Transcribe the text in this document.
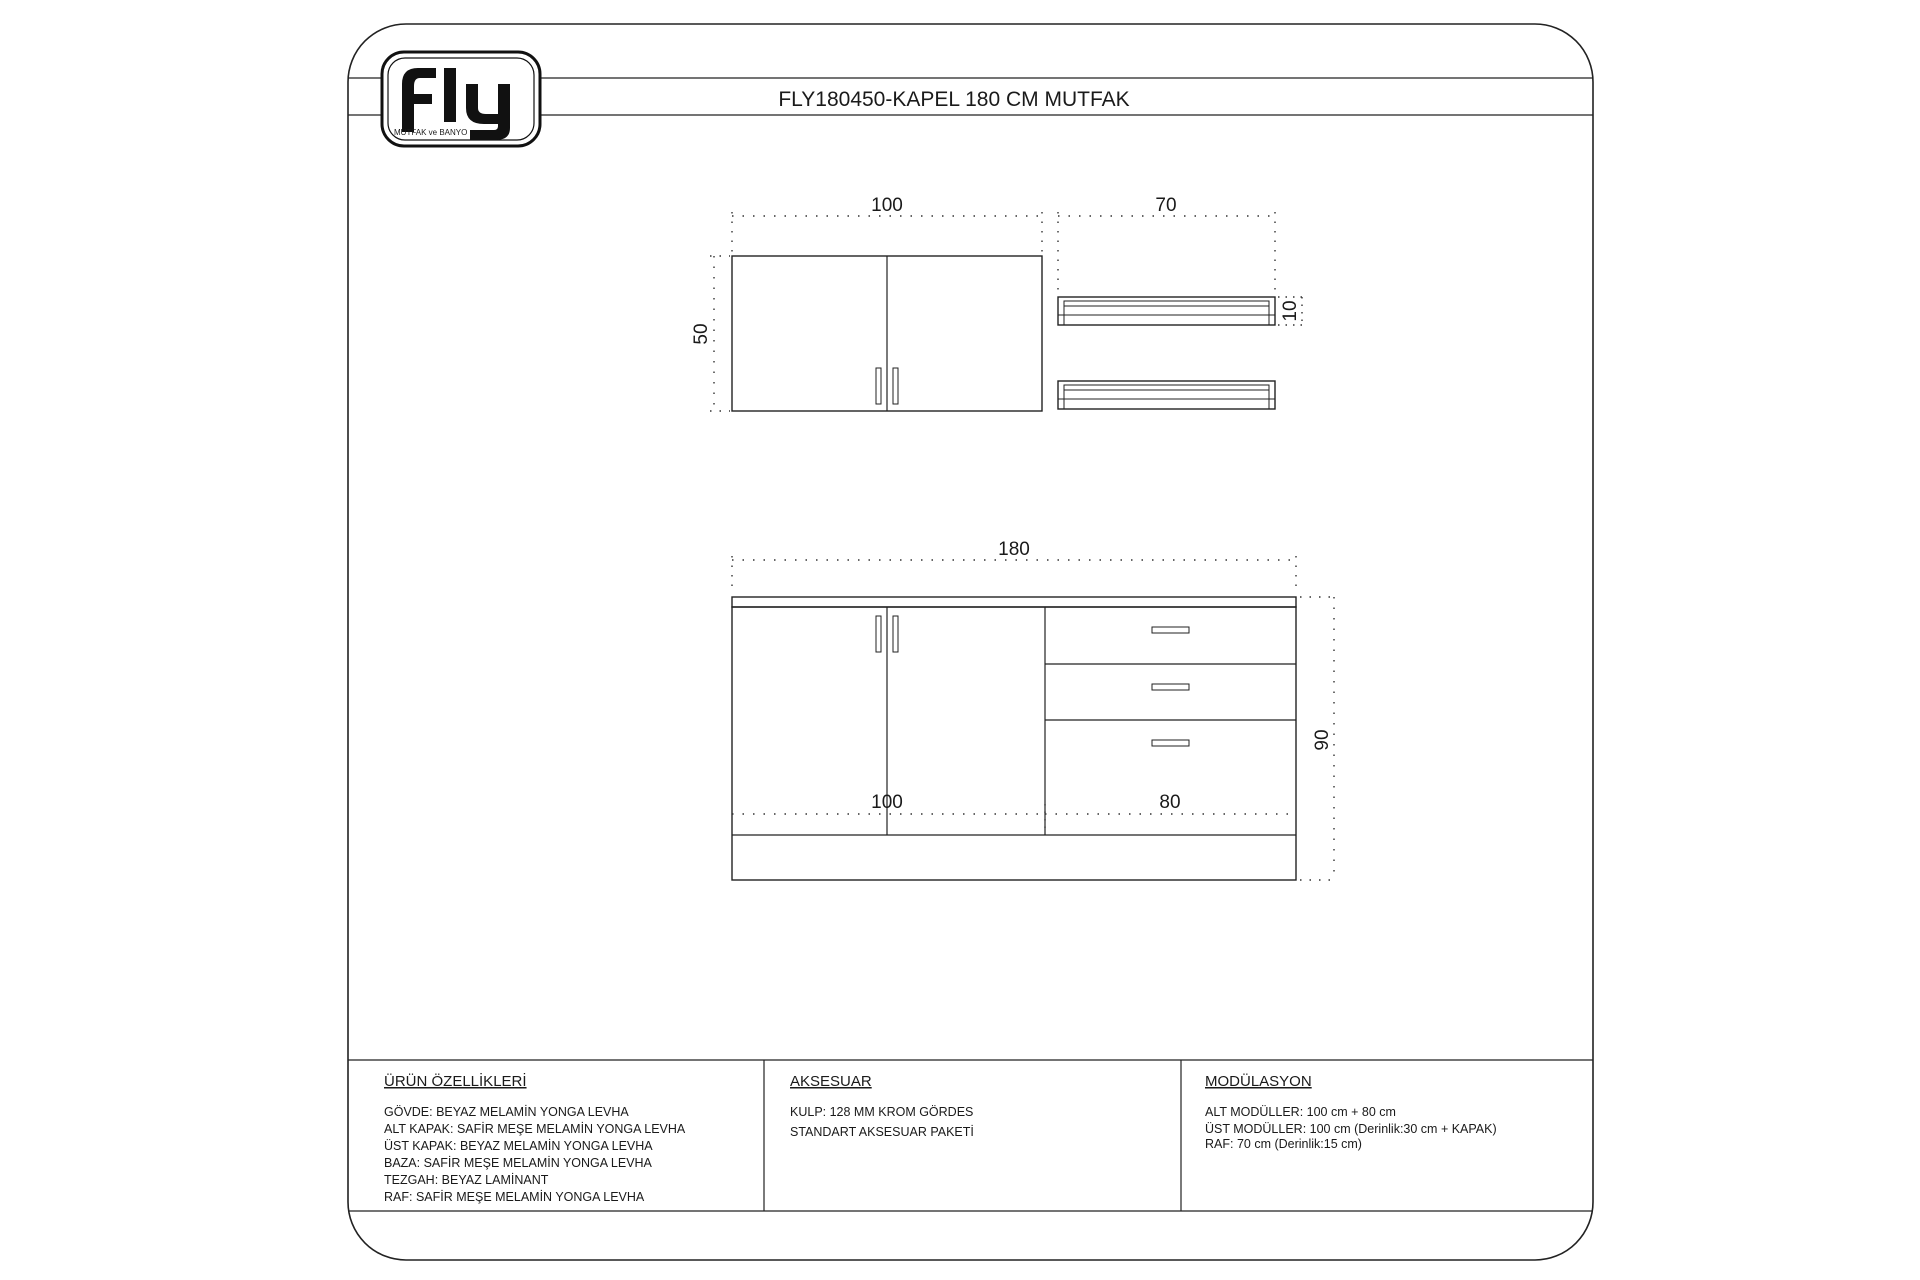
MUTFAK ve BANYO
FLY180450-KAPEL 180 CM MUTFAK
100
50
70
10
180
90
100	80
ÜRÜN ÖZELLİKLERİ
GÖVDE: BEYAZ MELAMİN YONGA LEVHA
ALT KAPAK: SAFİR MEŞE MELAMİN YONGA LEVHA
ÜST KAPAK: BEYAZ MELAMİN YONGA LEVHA
BAZA: SAFİR MEŞE MELAMİN YONGA LEVHA
TEZGAH: BEYAZ LAMİNANT
RAF: SAFİR MEŞE MELAMİN YONGA LEVHA
AKSESUAR
KULP: 128 MM KROM GÖRDES
STANDART AKSESUAR PAKETİ
MODÜLASYON
ALT MODÜLLER: 100 cm + 80 cm
ÜST MODÜLLER: 100 cm (Derinlik:30 cm + KAPAK)
RAF: 70 cm (Derinlik:15 cm)
